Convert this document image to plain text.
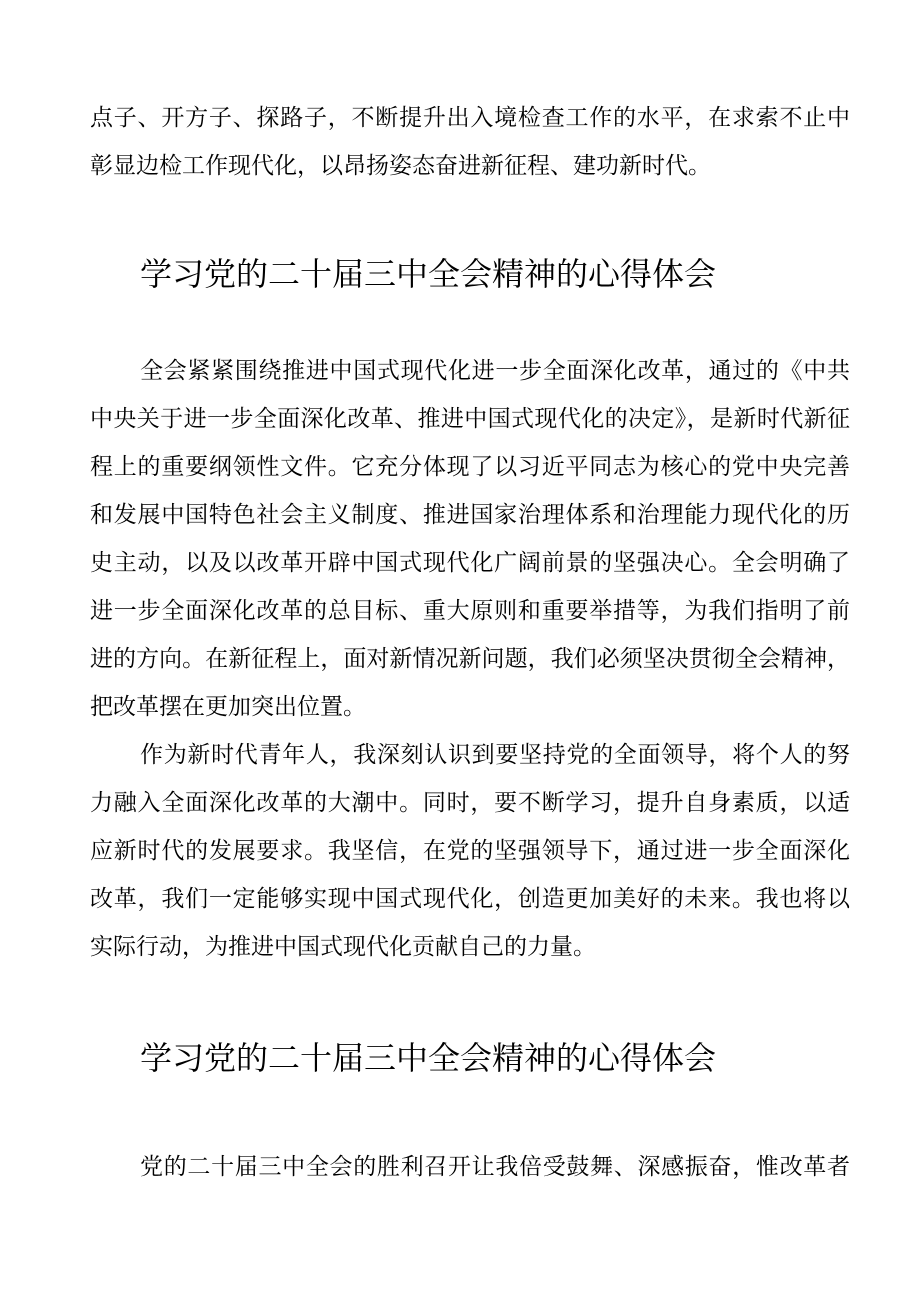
点子、开方子、探路子，不断提升出入境检查工作的水平，在求索不止中
彰显边检工作现代化，以昂扬姿态奋进新征程、建功新时代。
学习党的二十届三中全会精神的心得体会
全会紧紧围绕推进中国式现代化进一步全面深化改革，通过的《中共
中央关于进一步全面深化改革、推进中国式现代化的决定》，是新时代新征
程上的重要纲领性文件。它充分体现了以习近平同志为核心的党中央完善
和发展中国特色社会主义制度、推进国家治理体系和治理能力现代化的历
史主动，以及以改革开辟中国式现代化广阔前景的坚强决心。全会明确了
进一步全面深化改革的总目标、重大原则和重要举措等，为我们指明了前
进的方向。在新征程上，面对新情况新问题，我们必须坚决贯彻全会精神，
把改革摆在更加突出位置。
作为新时代青年人，我深刻认识到要坚持党的全面领导，将个人的努
力融入全面深化改革的大潮中。同时，要不断学习，提升自身素质，以适
应新时代的发展要求。我坚信，在党的坚强领导下，通过进一步全面深化
改革，我们一定能够实现中国式现代化，创造更加美好的未来。我也将以
实际行动，为推进中国式现代化贡献自己的力量。
学习党的二十届三中全会精神的心得体会
党的二十届三中全会的胜利召开让我倍受鼓舞、深感振奋，惟改革者
